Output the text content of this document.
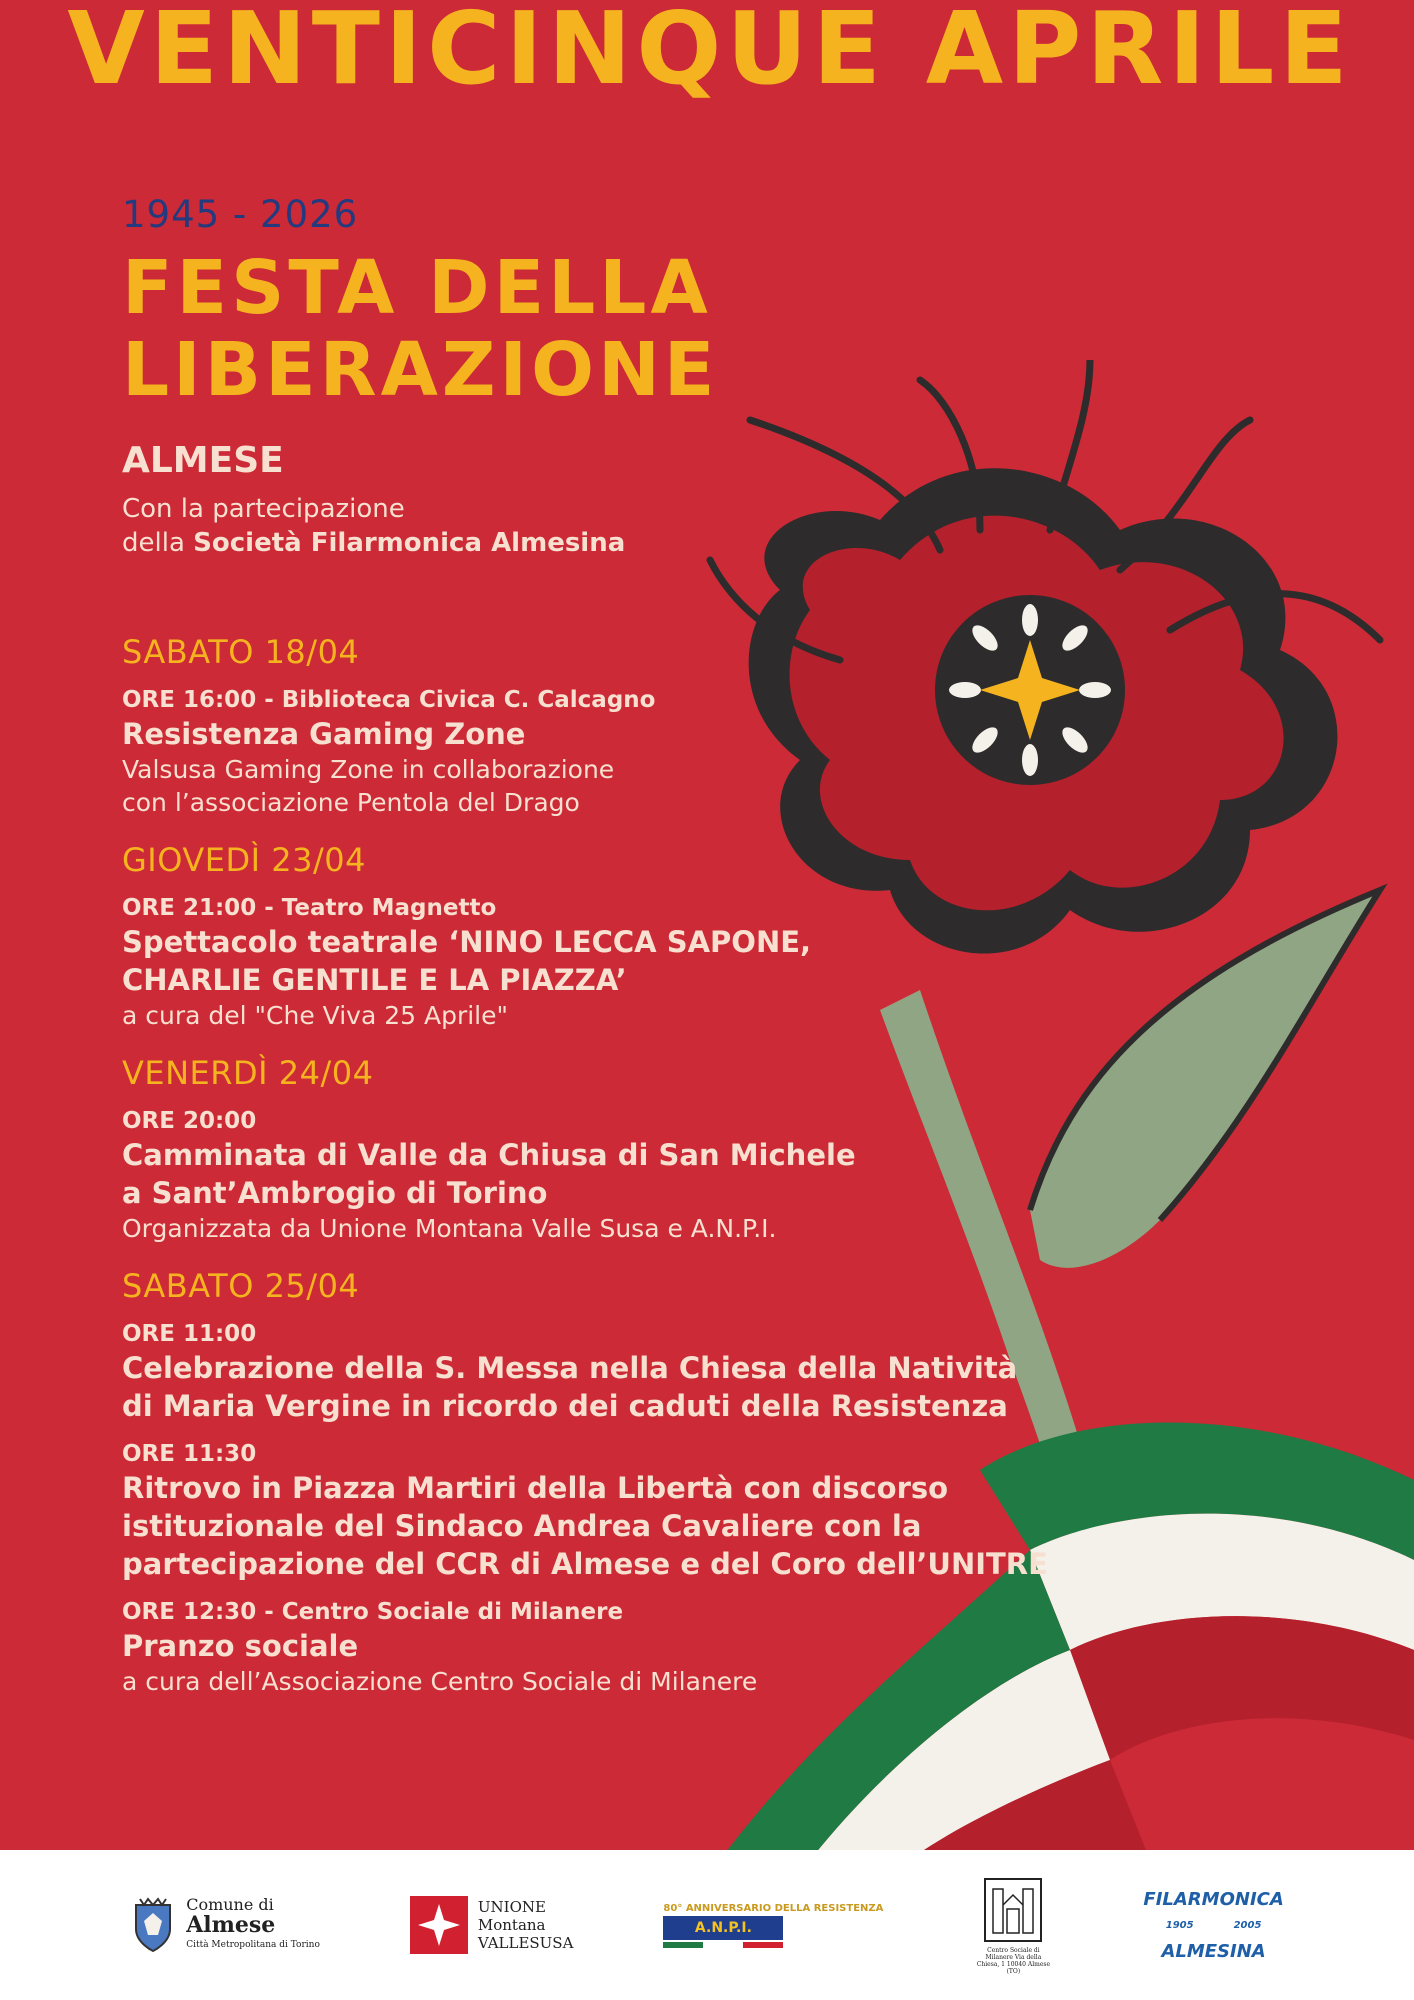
VENTICINQUE APRILE
1945 - 2026
FESTA DELLA
LIBERAZIONE
ALMESE
Con la partecipazione
della Società Filarmonica Almesina
SABATO 18/04
ORE 16:00 - Biblioteca Civica C. Calcagno
Resistenza Gaming Zone
Valsusa Gaming Zone in collaborazione
con l’associazione Pentola del Drago
GIOVEDÌ 23/04
ORE 21:00 - Teatro Magnetto
Spettacolo teatrale ‘NINO LECCA SAPONE,
CHARLIE GENTILE E LA PIAZZA’
a cura del "Che Viva 25 Aprile"
VENERDÌ 24/04
ORE 20:00
Camminata di Valle da Chiusa di San Michele
a Sant’Ambrogio di Torino
Organizzata da Unione Montana Valle Susa e A.N.P.I.
SABATO 25/04
ORE 11:00
Celebrazione della S. Messa nella Chiesa della Natività
di Maria Vergine in ricordo dei caduti della Resistenza
ORE 11:30
Ritrovo in Piazza Martiri della Libertà con discorso
istituzionale del Sindaco Andrea Cavaliere con la
partecipazione del CCR di Almese e del Coro dell’UNITRE
ORE 12:30 - Centro Sociale di Milanere
Pranzo sociale
a cura dell’Associazione Centro Sociale di Milanere
Comune di
Almese
Città Metropolitana di Torino
UNIONE
Montana
VALLESUSA
80° ANNIVERSARIO DELLA RESISTENZA
A.N.P.I.
Centro Sociale di Milanere Via della Chiesa, 1 10040 Almese (TO)
FILARMONICA
1905	2005
ALMESINA
